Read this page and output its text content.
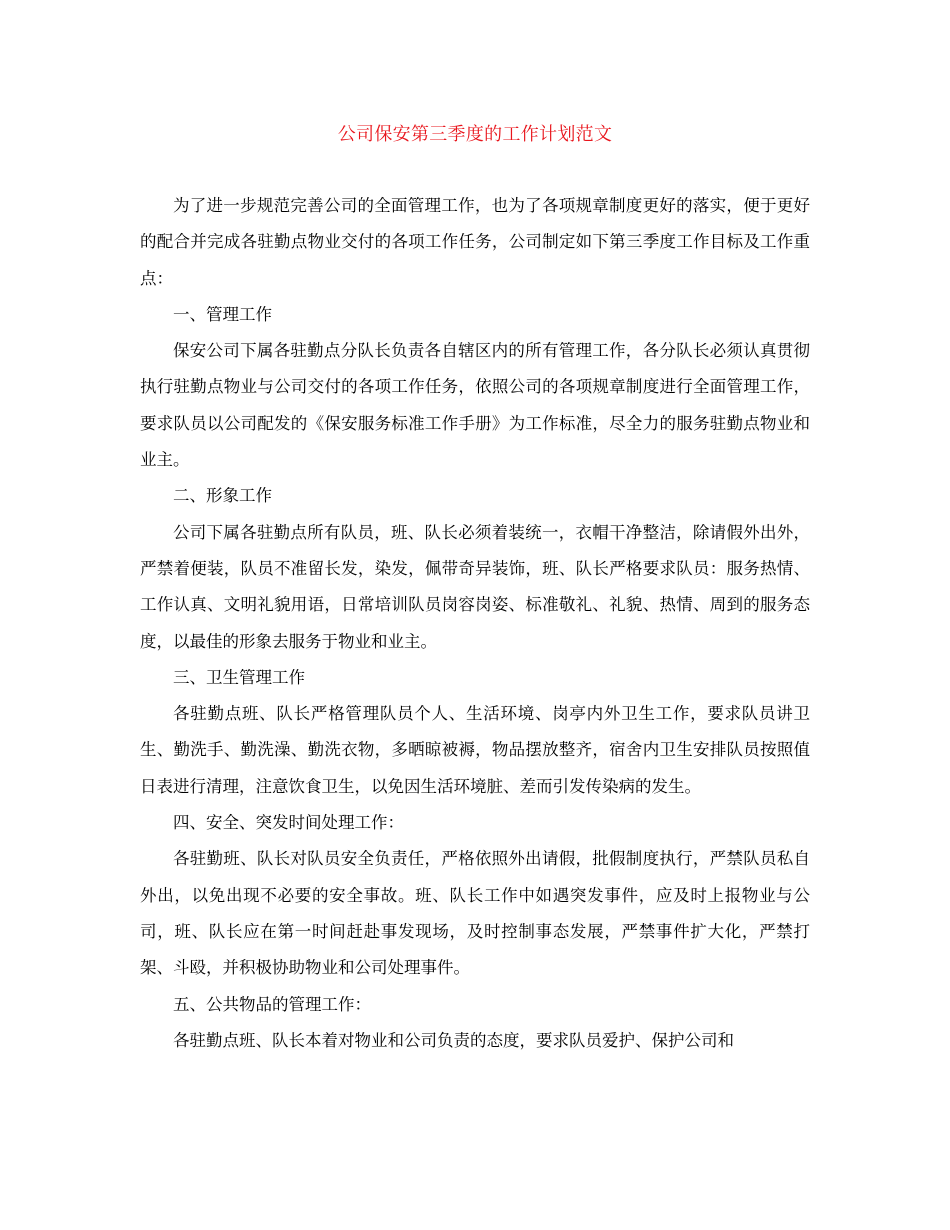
公司保安第三季度的工作计划范文

为了进一步规范完善公司的全面管理工作，也为了各项规章制度更好的落实，便于更好的配合并完成各驻勤点物业交付的各项工作任务，公司制定如下第三季度工作目标及工作重点：

一、管理工作

保安公司下属各驻勤点分队长负责各自辖区内的所有管理工作，各分队长必须认真贯彻执行驻勤点物业与公司交付的各项工作任务，依照公司的各项规章制度进行全面管理工作，要求队员以公司配发的《保安服务标准工作手册》为工作标准，尽全力的服务驻勤点物业和业主。

二、形象工作

公司下属各驻勤点所有队员，班、队长必须着装统一，衣帽干净整洁，除请假外出外，严禁着便装，队员不准留长发，染发，佩带奇异装饰，班、队长严格要求队员：服务热情、工作认真、文明礼貌用语，日常培训队员岗容岗姿、标准敬礼、礼貌、热情、周到的服务态度，以最佳的形象去服务于物业和业主。

三、卫生管理工作

各驻勤点班、队长严格管理队员个人、生活环境、岗亭内外卫生工作，要求队员讲卫生、勤洗手、勤洗澡、勤洗衣物，多晒晾被褥，物品摆放整齐，宿舍内卫生安排队员按照值日表进行清理，注意饮食卫生，以免因生活环境脏、差而引发传染病的发生。

四、安全、突发时间处理工作：

各驻勤班、队长对队员安全负责任，严格依照外出请假，批假制度执行，严禁队员私自外出，以免出现不必要的安全事故。班、队长工作中如遇突发事件，应及时上报物业与公司，班、队长应在第一时间赶赴事发现场，及时控制事态发展，严禁事件扩大化，严禁打架、斗殴，并积极协助物业和公司处理事件。

五、公共物品的管理工作：

各驻勤点班、队长本着对物业和公司负责的态度，要求队员爱护、保护公司和
